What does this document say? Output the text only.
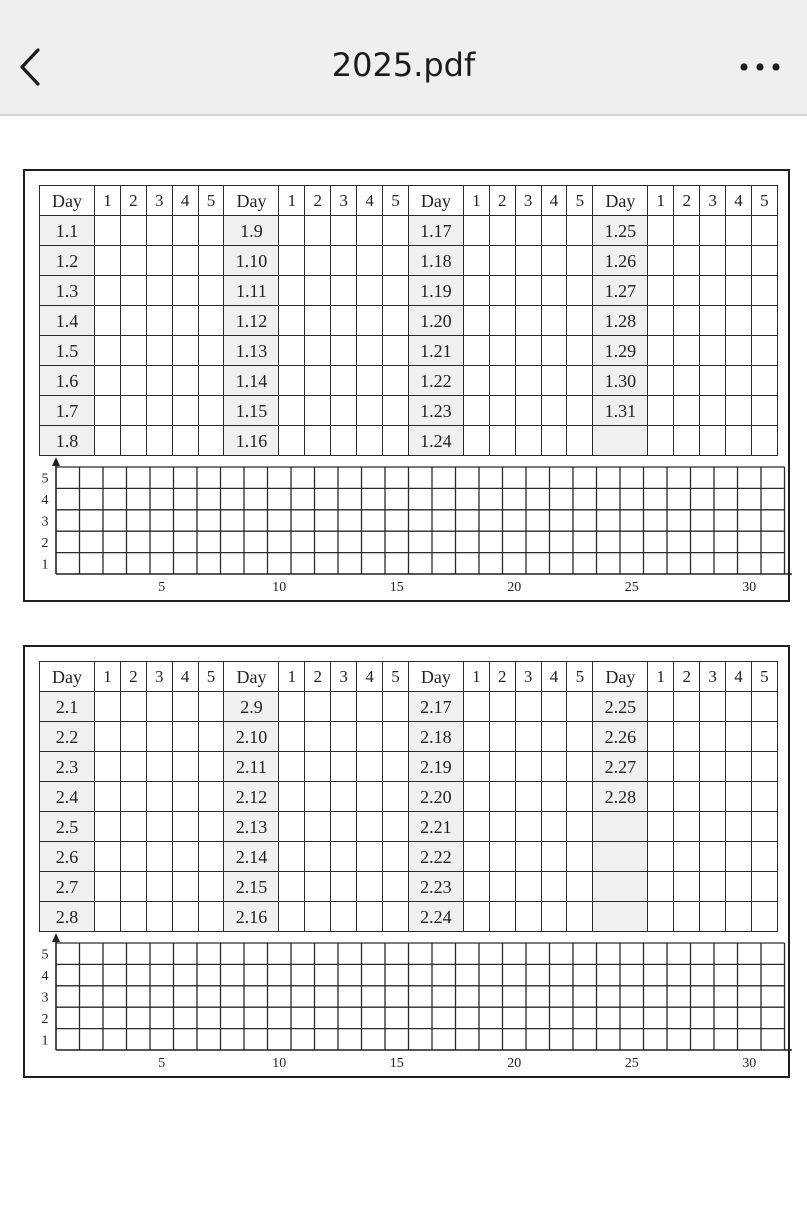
2025.pdf
Day	1	2	3	4	5	Day	1	2	3	4	5	Day	1	2	3	4	5	Day	1	2	3	4	5
1.1						1.9						1.17						1.25					
1.2						1.10						1.18						1.26					
1.3						1.11						1.19						1.27					
1.4						1.12						1.20						1.28					
1.5						1.13						1.21						1.29					
1.6						1.14						1.22						1.30					
1.7						1.15						1.23						1.31					
1.8						1.16						1.24											
5
4
3
2
1
5	10	15	20	25	30
Day	1	2	3	4	5	Day	1	2	3	4	5	Day	1	2	3	4	5	Day	1	2	3	4	5
2.1						2.9						2.17						2.25					
2.2						2.10						2.18						2.26					
2.3						2.11						2.19						2.27					
2.4						2.12						2.20						2.28					
2.5						2.13						2.21											
2.6						2.14						2.22											
2.7						2.15						2.23											
2.8						2.16						2.24											
5
4
3
2
1
5	10	15	20	25	30
